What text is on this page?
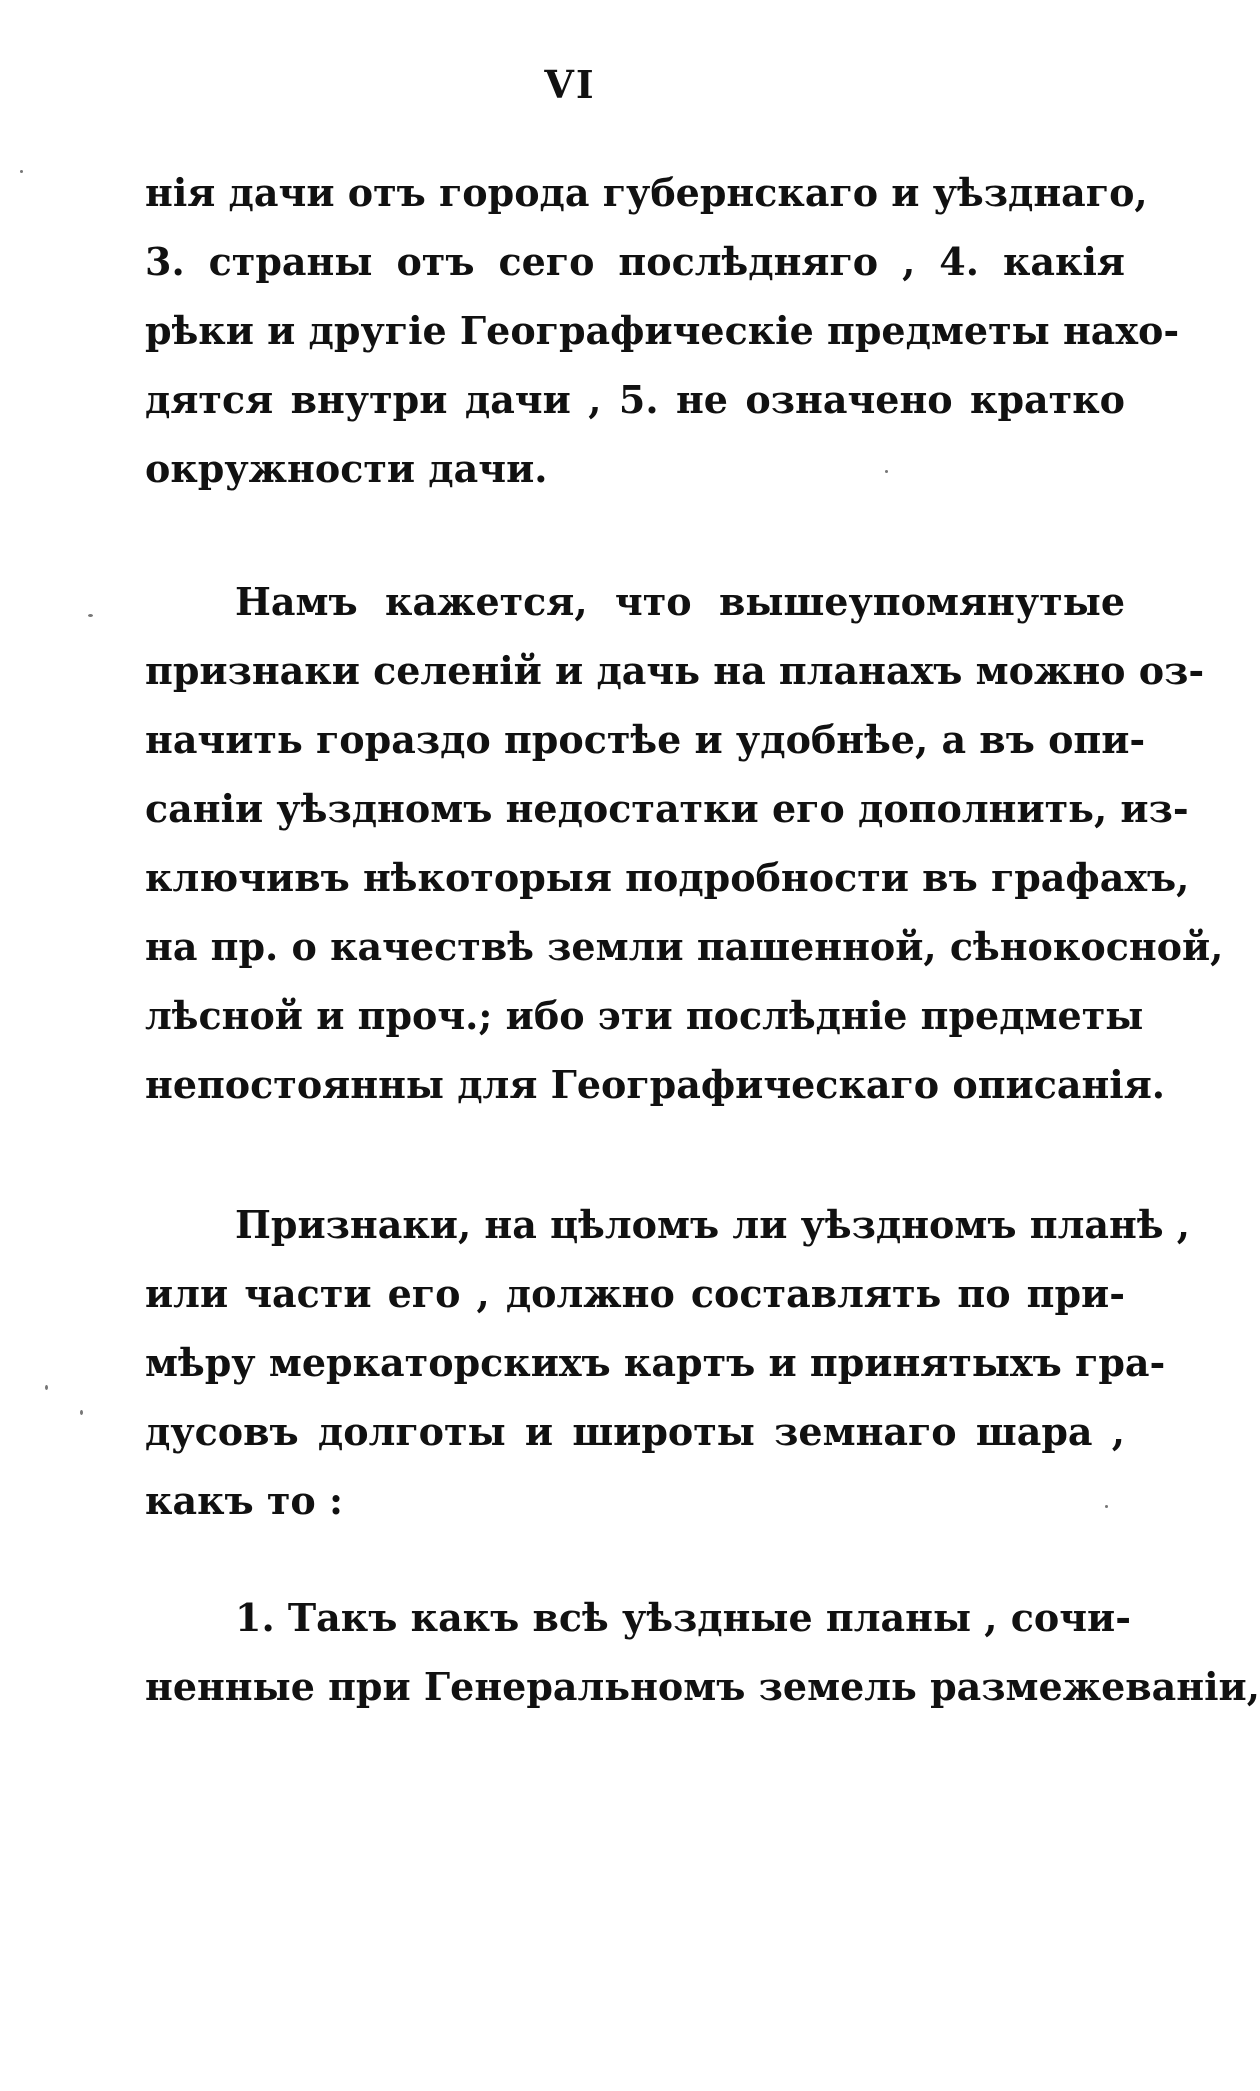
VI
нія дачи отъ города губернскаго и уѣзднаго,
3. страны отъ сего послѣдняго , 4. какія
рѣки и другіе Географическіе предметы нахо-
дятся внутри дачи , 5. не означено кратко
окружности дачи.
Намъ кажется, что вышеупомянутые
признаки селеній и дачь на планахъ можно оз-
начить гораздо простѣе и удобнѣе, а въ опи-
саніи уѣздномъ недостатки его дополнить, из-
ключивъ нѣкоторыя подробности въ графахъ,
на пр. о качествѣ земли пашенной, сѣнокосной,
лѣсной и проч.; ибо эти послѣдніе предметы
непостоянны для Географическаго описанія.
Признаки, на цѣломъ ли уѣздномъ планѣ ,
или части его , должно составлять по при-
мѣру меркаторскихъ картъ и принятыхъ гра-
дусовъ долготы и широты земнаго шара ,
какъ то :
1. Такъ какъ всѣ уѣздные планы , сочи-
ненные при Генеральномъ земель размежеваніи,
